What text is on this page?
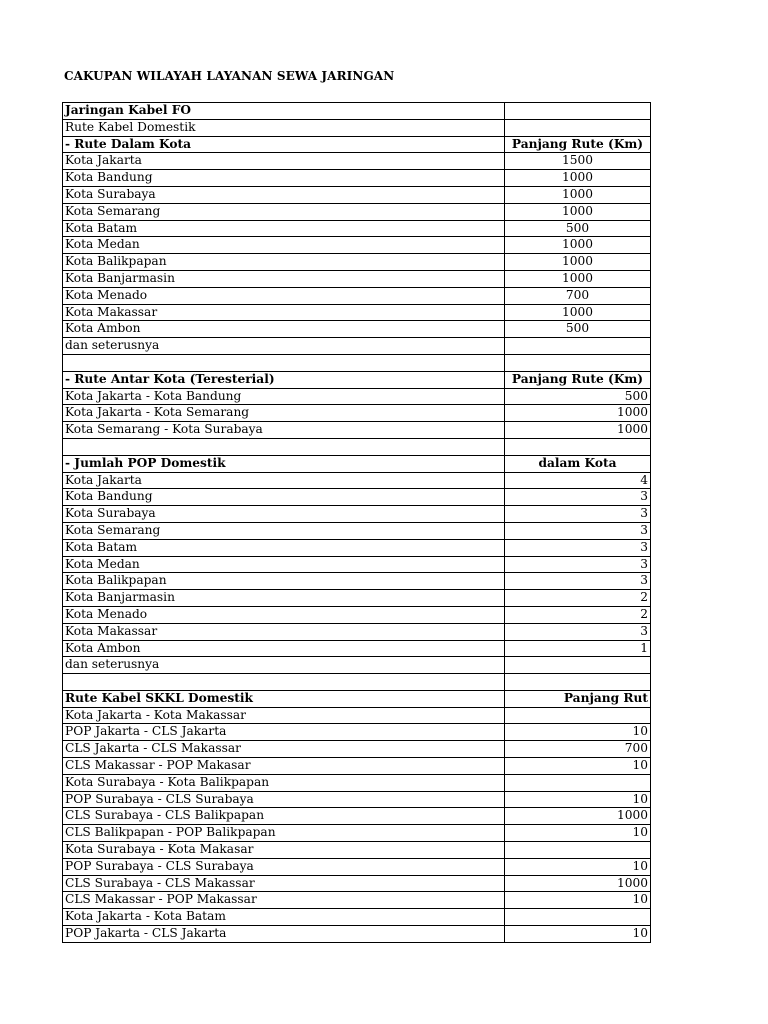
CAKUPAN WILAYAH LAYANAN SEWA JARINGAN
Jaringan Kabel FO	
Rute Kabel Domestik	
- Rute Dalam Kota	Panjang Rute (Km)
Kota Jakarta	1500
Kota Bandung	1000
Kota Surabaya	1000
Kota Semarang	1000
Kota Batam	500
Kota Medan	1000
Kota Balikpapan	1000
Kota Banjarmasin	1000
Kota Menado	700
Kota Makassar	1000
Kota Ambon	500
dan seterusnya	

- Rute Antar Kota (Teresterial)	Panjang Rute (Km)
Kota Jakarta - Kota Bandung	500
Kota Jakarta - Kota Semarang	1000
Kota Semarang - Kota Surabaya	1000

- Jumlah POP Domestik	dalam Kota
Kota Jakarta	4
Kota Bandung	3
Kota Surabaya	3
Kota Semarang	3
Kota Batam	3
Kota Medan	3
Kota Balikpapan	3
Kota Banjarmasin	2
Kota Menado	2
Kota Makassar	3
Kota Ambon	1
dan seterusnya	

Rute Kabel SKKL Domestik	Panjang Rut
Kota Jakarta - Kota Makassar	
POP Jakarta - CLS Jakarta	10
CLS Jakarta - CLS Makassar	700
CLS Makassar - POP Makasar	10
Kota Surabaya - Kota Balikpapan	
POP Surabaya - CLS Surabaya	10
CLS Surabaya - CLS Balikpapan	1000
CLS Balikpapan - POP Balikpapan	10
Kota Surabaya - Kota Makasar	
POP Surabaya - CLS Surabaya	10
CLS Surabaya - CLS Makassar	1000
CLS Makassar - POP Makassar	10
Kota Jakarta - Kota Batam	
POP Jakarta - CLS Jakarta	10
